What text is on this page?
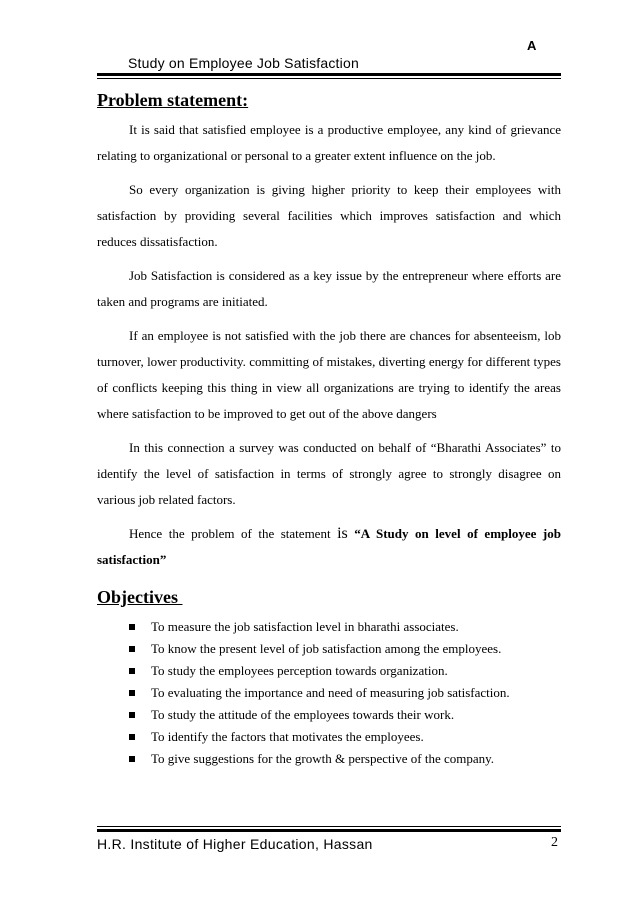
A
Study on Employee Job Satisfaction
Problem statement:

It is said that satisfied employee is a productive employee, any kind of grievance relating to organizational or personal to a greater extent influence on the job.

So every organization is giving higher priority to keep their employees with satisfaction by providing several facilities which improves satisfaction and which reduces dissatisfaction.

Job Satisfaction is considered as a key issue by the entrepreneur where efforts are taken and programs are initiated.

If an employee is not satisfied with the job there are chances for absenteeism, lob turnover, lower productivity. committing of mistakes, diverting energy for different types of conflicts keeping this thing in view all organizations are trying to identify the areas where satisfaction to be improved to get out of the above dangers

In this connection a survey was conducted on behalf of “Bharathi Associates” to identify the level of satisfaction in terms of strongly agree to strongly disagree on various job related factors.

Hence the problem of the statement is “A Study on level of employee job satisfaction”

Objectives
To measure the job satisfaction level in bharathi associates.
To know the present level of job satisfaction among the employees.
To study the employees perception towards organization.
To evaluating the importance and need of measuring job satisfaction.
To study the attitude of the employees towards their work.
To identify the factors that motivates the employees.
To give suggestions for the growth & perspective of the company.
H.R. Institute of Higher Education, Hassan	2
